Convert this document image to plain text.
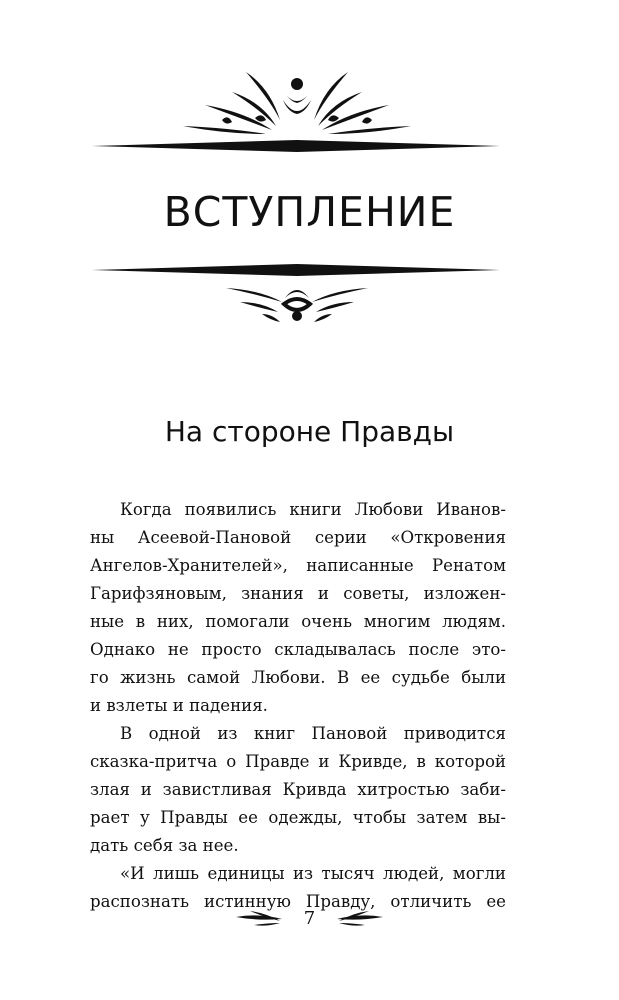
ВСТУПЛЕНИЕ
На стороне Правды
Когда появились книги Любови Иванов-
ны Асеевой-Пановой серии «Откровения
Ангелов-Хранителей», написанные Ренатом
Гарифзяновым, знания и советы, изложен-
ные в них, помогали очень многим людям.
Однако не просто складывалась после это-
го жизнь самой Любови. В ее судьбе были
и взлеты и падения.
В одной из книг Пановой приводится
сказка-притча о Правде и Кривде, в которой
злая и завистливая Кривда хитростью заби-
рает у Правды ее одежды, чтобы затем вы-
дать себя за нее.
«И лишь единицы из тысяч людей, могли
распознать истинную Правду, отличить ее
7
